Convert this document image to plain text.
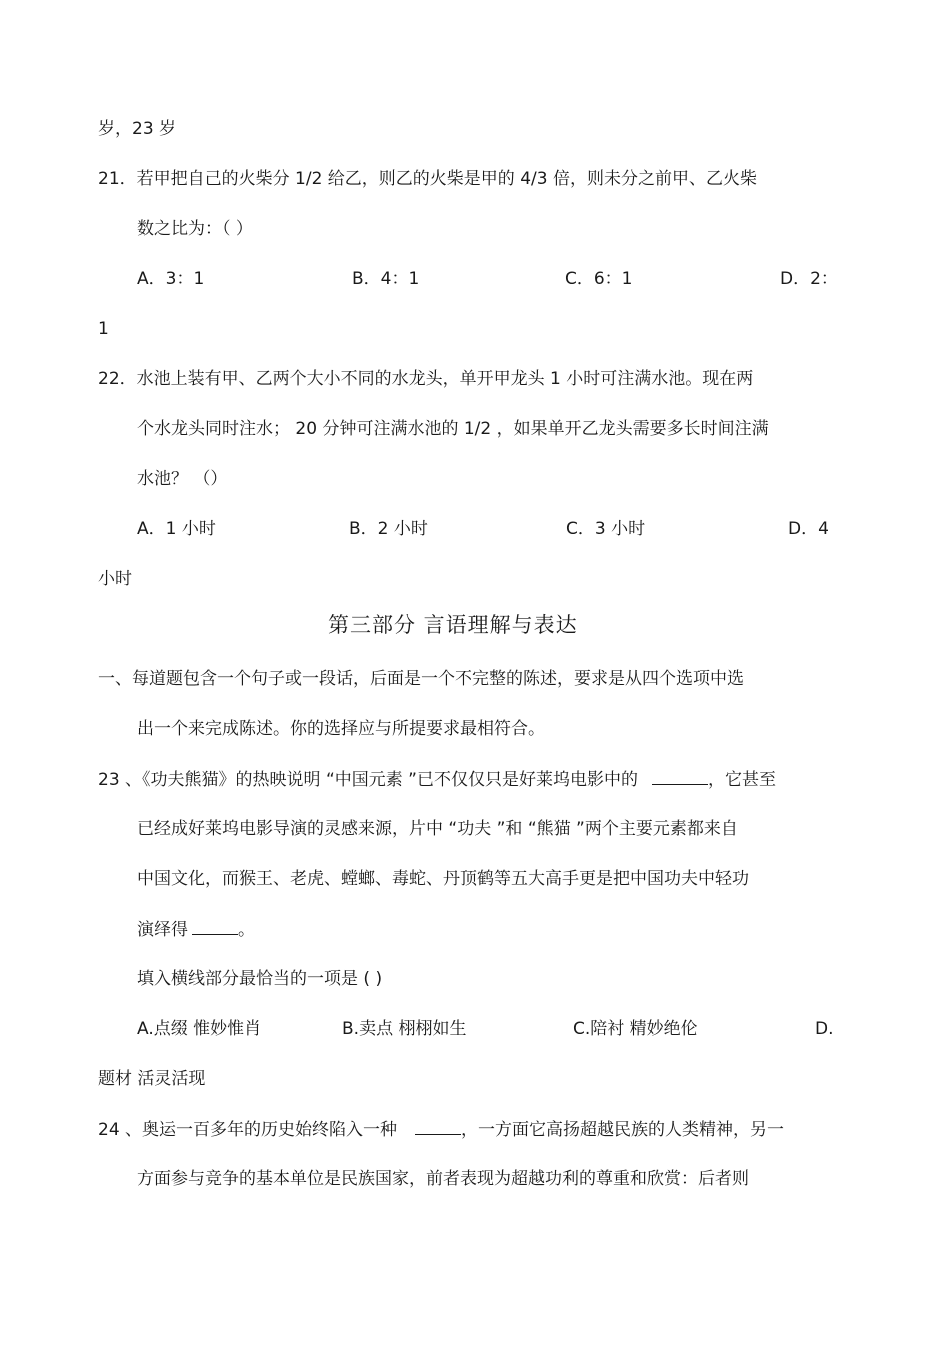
岁，23 岁
21．若甲把自己的火柴分 1/2 给乙，则乙的火柴是甲的 4/3 倍，则未分之前甲、乙火柴
数之比为：（ ）
A．3：1	B．4：1	C．6：1	D．2：
1
22．水池上装有甲、乙两个大小不同的水龙头，单开甲龙头 1 小时可注满水池。现在两
个水龙头同时注水； 20 分钟可注满水池的 1/2 ，如果单开乙龙头需要多长时间注满
水池？ （）
A．1 小时	B．2 小时	C．3 小时	D．4
小时
第三部分 言语理解与表达
一、每道题包含一个句子或一段话，后面是一个不完整的陈述，要求是从四个选项中选
出一个来完成陈述。你的选择应与所提要求最相符合。
23 、《功夫熊猫》的热映说明 “中国元素 ”已不仅仅只是好莱坞电影中的	，它甚至
已经成好莱坞电影导演的灵感来源，片中 “功夫 ”和 “熊猫 ”两个主要元素都来自
中国文化，而猴王、老虎、螳螂、毒蛇、丹顶鹤等五大高手更是把中国功夫中轻功
演绎得	。
填入横线部分最恰当的一项是 ( )
A.点缀 惟妙惟肖	B.卖点 栩栩如生	C.陪衬 精妙绝伦	D.
题材 活灵活现
24 、奥运一百多年的历史始终陷入一种	，一方面它高扬超越民族的人类精神，另一
方面参与竞争的基本单位是民族国家，前者表现为超越功利的尊重和欣赏：后者则
